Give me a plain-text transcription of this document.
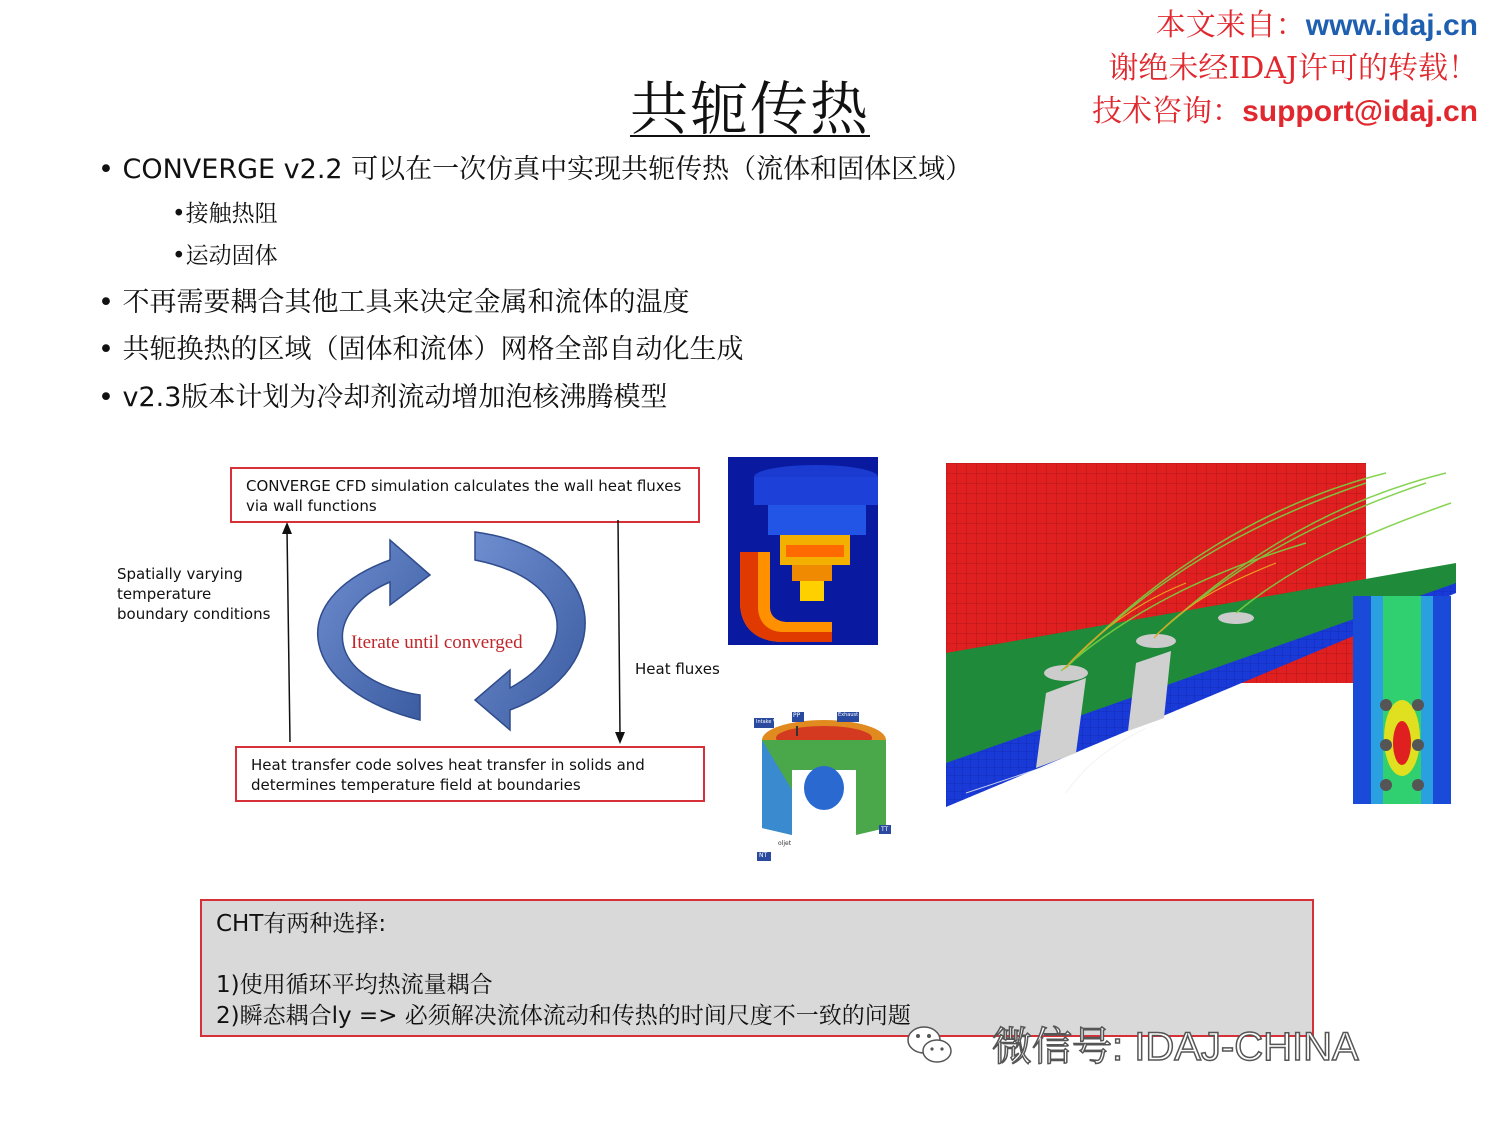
本文来自：www.idaj.cn
谢绝未经IDAJ许可的转载！
技术咨询：support@idaj.cn
共轭传热
• CONVERGE v2.2 可以在一次仿真中实现共轭传热（流体和固体区域）
•接触热阻
•运动固体
• 不再需要耦合其他工具来决定金属和流体的温度
• 共轭换热的区域（固体和流体）网格全部自动化生成
• v2.3版本计划为冷却剂流动增加泡核沸腾模型
Iterate until converged
CONVERGE CFD simulation calculates the wall heat fluxes via wall functions
Heat transfer code solves heat transfer in solids and determines temperature field at boundaries
Spatially varying temperature boundary conditions
Heat fluxes
Intake Valve
PP	Exhaust Valve
TT
NT
oljet
CHT有两种选择:
1)使用循环平均热流量耦合
2)瞬态耦合ly => 必须解决流体流动和传热的时间尺度不一致的问题
微信号: IDAJ-CHINA
